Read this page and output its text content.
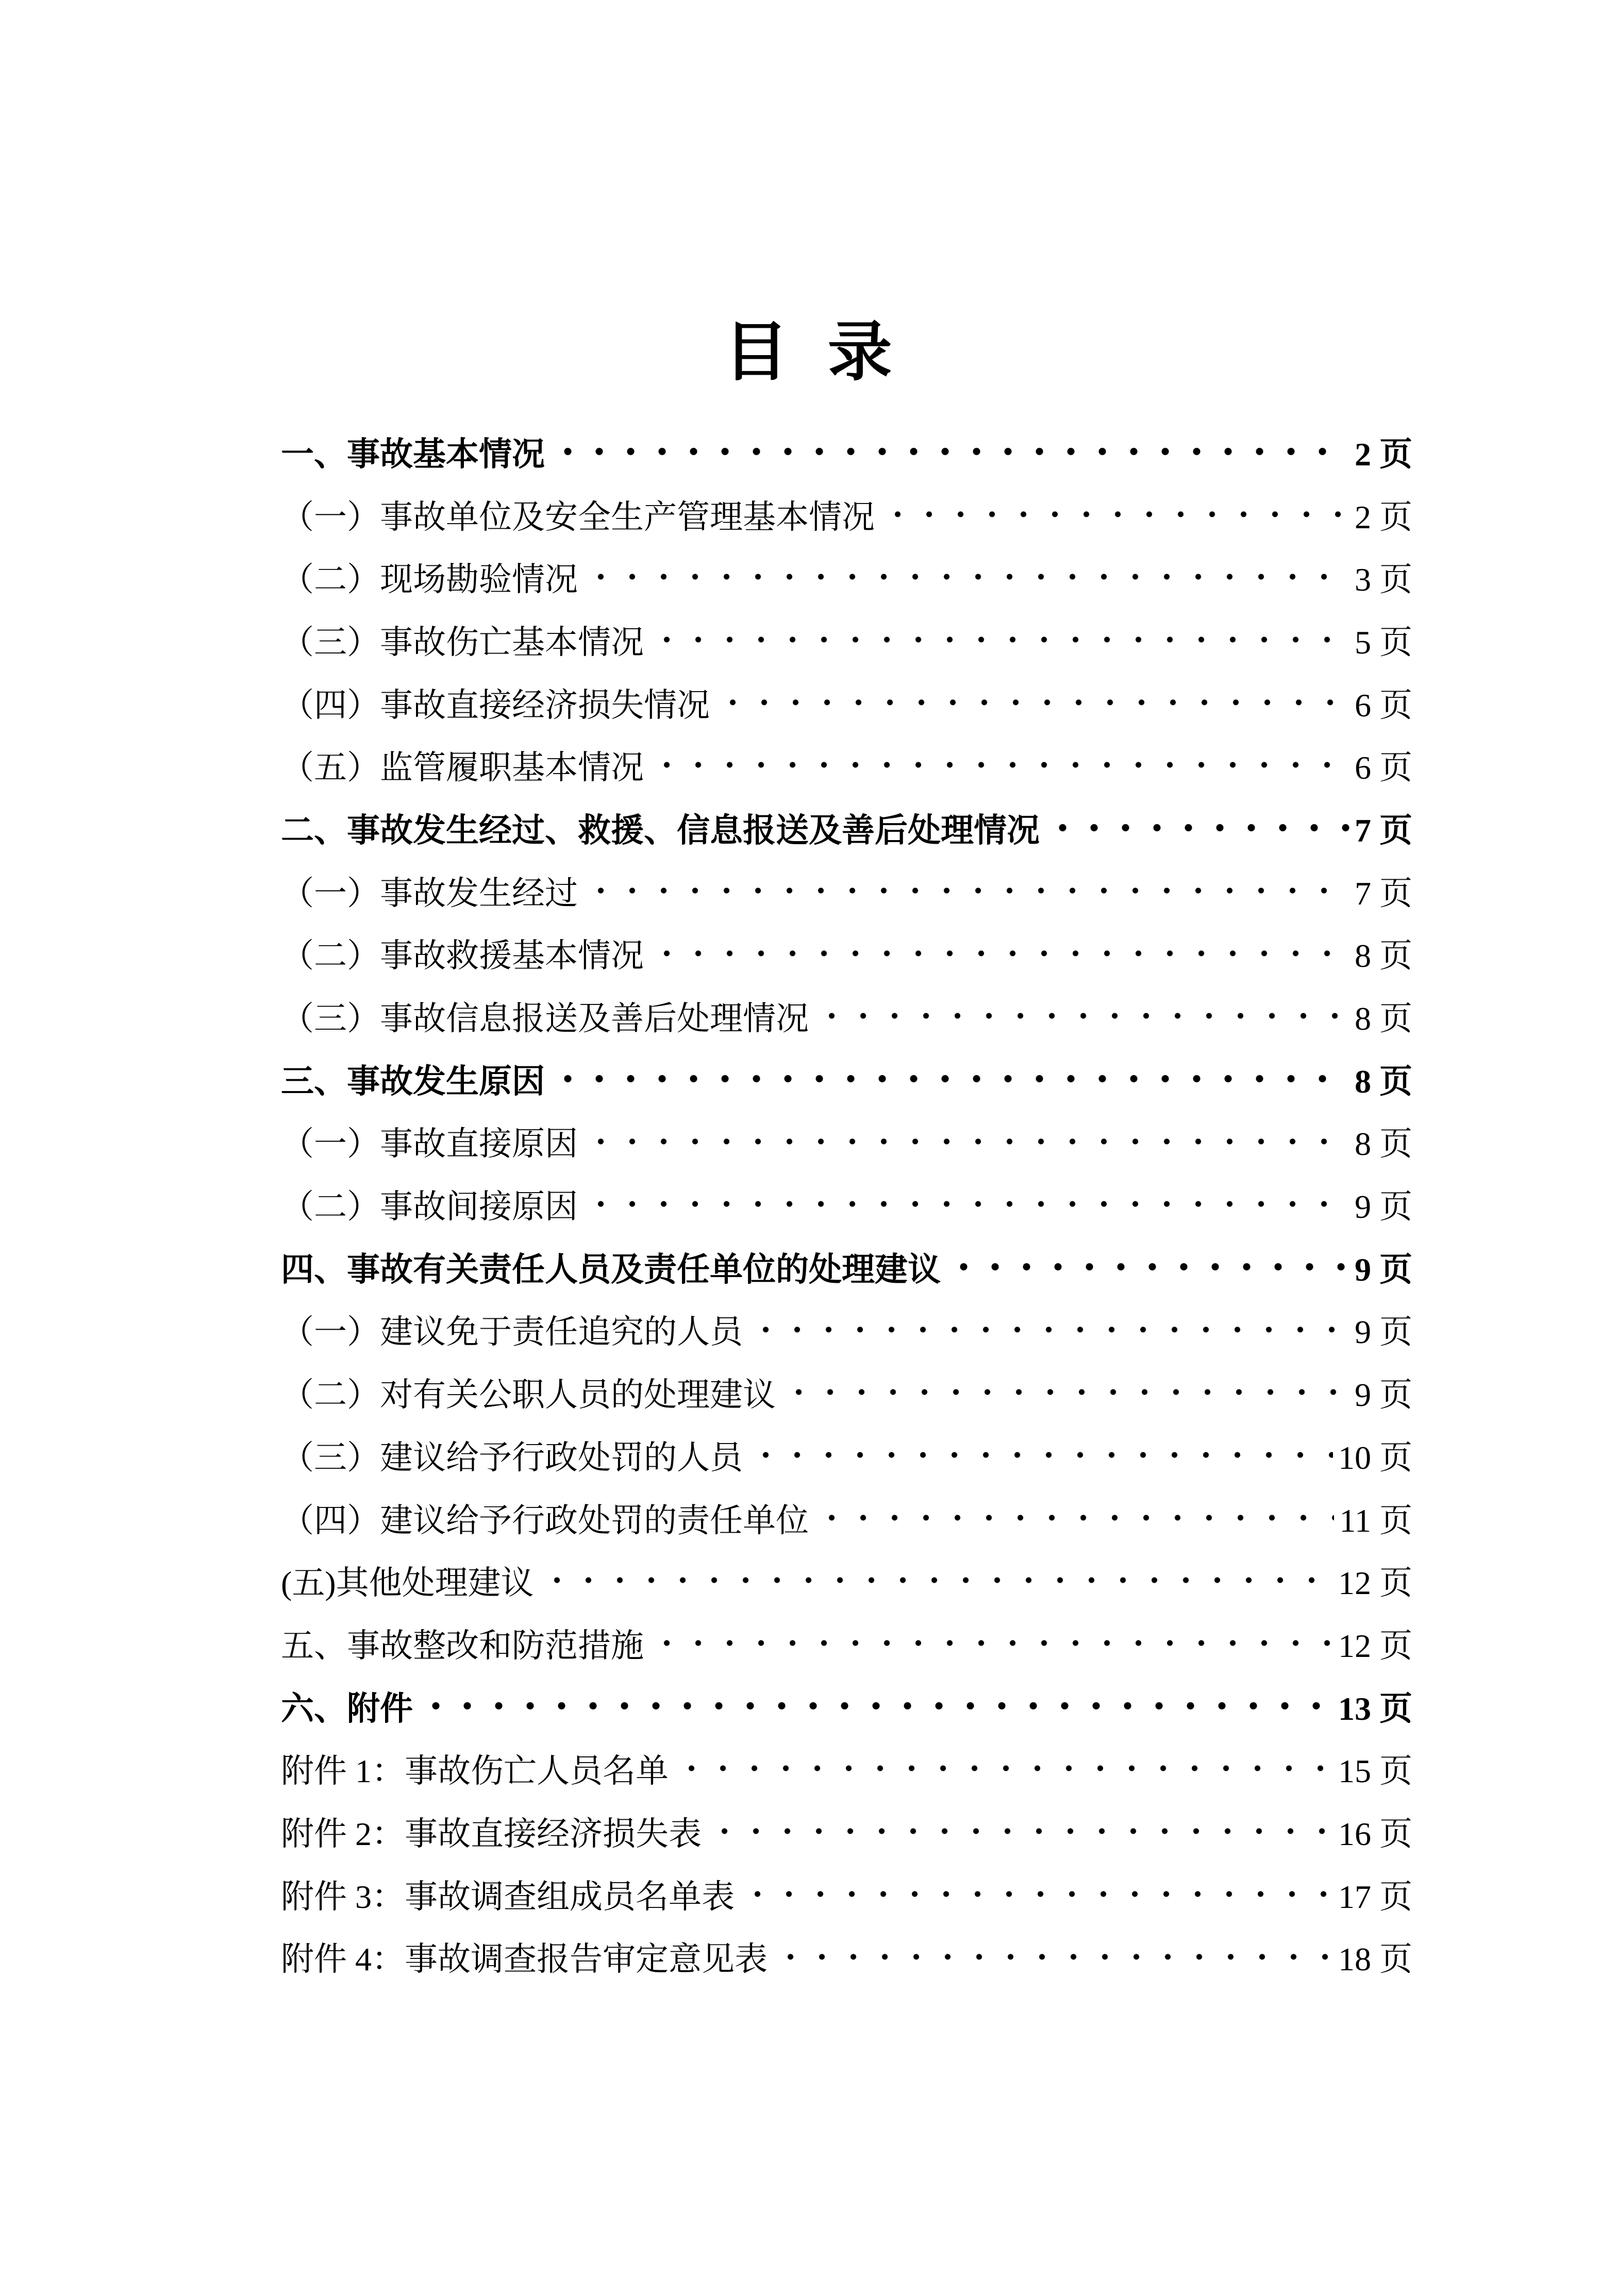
目 录
一、事故基本情况	2 页
（一）事故单位及安全生产管理基本情况	2 页
（二）现场勘验情况	3 页
（三）事故伤亡基本情况	5 页
（四）事故直接经济损失情况	6 页
（五）监管履职基本情况	6 页
二、事故发生经过、救援、信息报送及善后处理情况	7 页
（一）事故发生经过	7 页
（二）事故救援基本情况	8 页
（三）事故信息报送及善后处理情况	8 页
三、事故发生原因	8 页
（一）事故直接原因	8 页
（二）事故间接原因	9 页
四、事故有关责任人员及责任单位的处理建议	9 页
（一）建议免于责任追究的人员	9 页
（二）对有关公职人员的处理建议	9 页
（三）建议给予行政处罚的人员	10 页
（四）建议给予行政处罚的责任单位	11 页
(五)其他处理建议	12 页
五、事故整改和防范措施	12 页
六、附件	13 页
附件 1：事故伤亡人员名单	15 页
附件 2：事故直接经济损失表	16 页
附件 3：事故调查组成员名单表	17 页
附件 4：事故调查报告审定意见表	18 页
